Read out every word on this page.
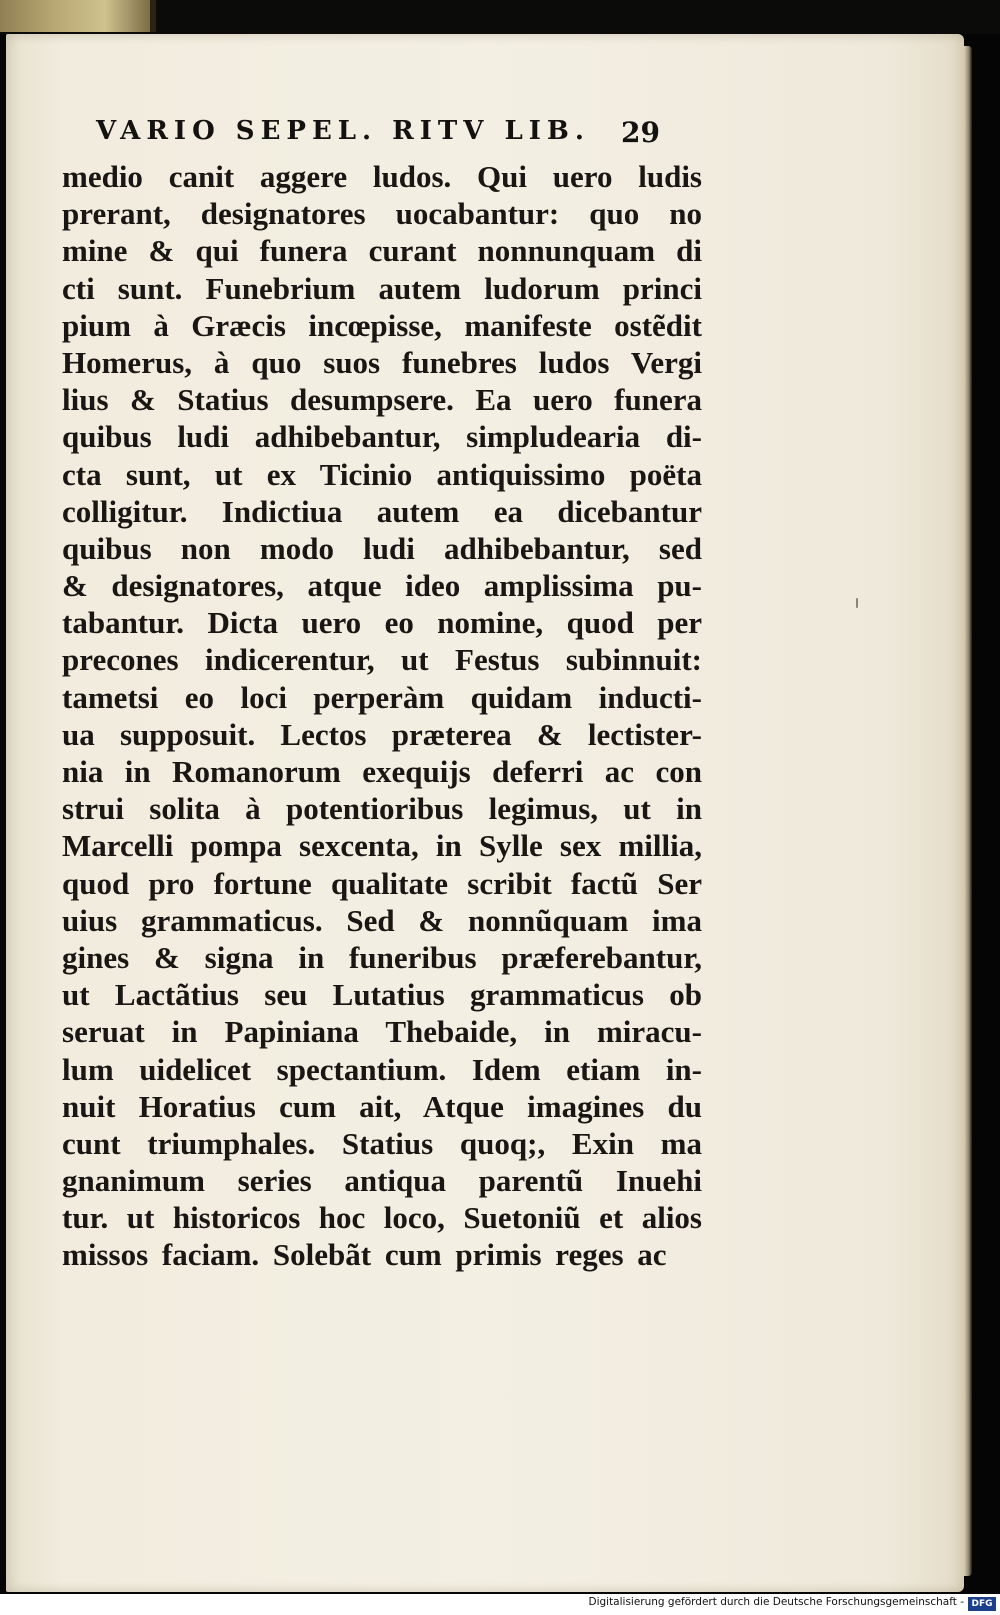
VARIO SEPEL. RITV LIB. 29
medio canit aggere ludos. Qui uero ludis
prerant, designatores uocabantur: quo no
mine & qui funera curant nonnunquam di
cti sunt. Funebrium autem ludorum princi
pium à Græcis incœpisse, manifeste ostẽdit
Homerus, à quo suos funebres ludos Vergi
lius & Statius desumpsere. Ea uero funera
quibus ludi adhibebantur, simpludearia di-
cta sunt, ut ex Ticinio antiquissimo poëta
colligitur. Indictiua autem ea dicebantur
quibus non modo ludi adhibebantur, sed
& designatores, atque ideo amplissima pu-
tabantur. Dicta uero eo nomine, quod per
precones indicerentur, ut Festus subinnuit:
tametsi eo loci perperàm quidam inducti-
ua supposuit. Lectos præterea & lectister-
nia in Romanorum exequijs deferri ac con
strui solita à potentioribus legimus, ut in
Marcelli pompa sexcenta, in Sylle sex millia,
quod pro fortune qualitate scribit factũ Ser
uius grammaticus. Sed & nonnũquam ima
gines & signa in funeribus præferebantur,
ut Lactãtius seu Lutatius grammaticus ob
seruat in Papiniana Thebaide, in miracu-
lum uidelicet spectantium. Idem etiam in-
nuit Horatius cum ait, Atque imagines du
cunt triumphales. Statius quoq;, Exin ma
gnanimum series antiqua parentũ Inuehi
tur. ut historicos hoc loco, Suetoniũ et alios
missos faciam. Solebãt cum primis reges ac
Digitalisierung gefördert durch die Deutsche Forschungsgemeinschaft - DFG
